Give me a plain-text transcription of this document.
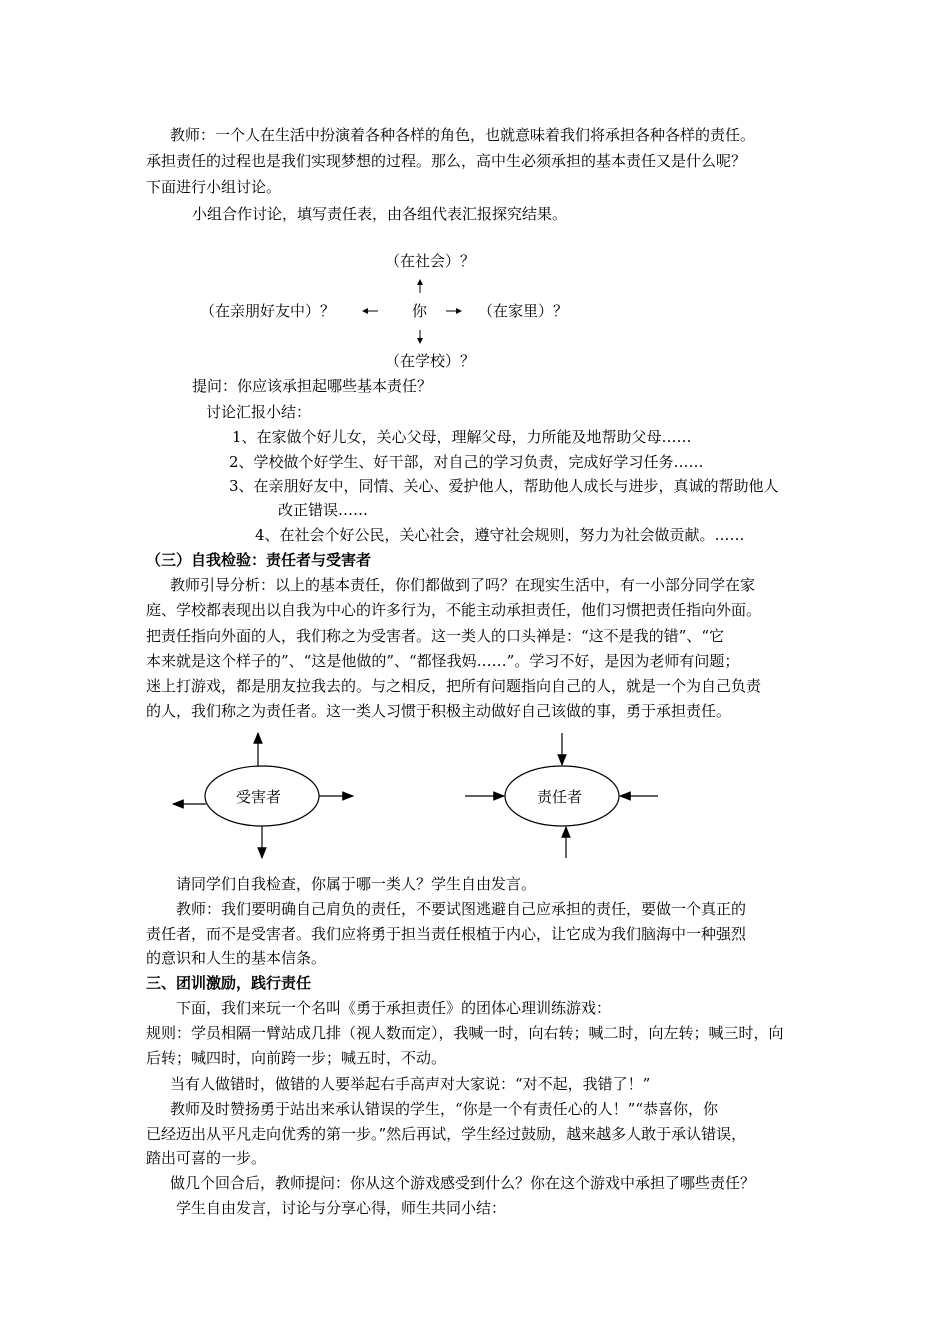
教师：一个人在生活中扮演着各种各样的角色，也就意味着我们将承担各种各样的责任。
承担责任的过程也是我们实现梦想的过程。那么，高中生必须承担的基本责任又是什么呢？
下面进行小组讨论。
小组合作讨论，填写责任表，由各组代表汇报探究结果。
（在社会）？
（在亲朋好友中）？	你	（在家里）？
（在学校）？
受害者	责任者
提问：你应该承担起哪些基本责任？
讨论汇报小结：
1、在家做个好儿女，关心父母，理解父母，力所能及地帮助父母……
2、学校做个好学生、好干部，对自己的学习负责，完成好学习任务……
3、在亲朋好友中，同情、关心、爱护他人，帮助他人成长与进步，真诚的帮助他人
改正错误……
4、在社会个好公民，关心社会，遵守社会规则，努力为社会做贡献。……
（三）自我检验：责任者与受害者
教师引导分析：以上的基本责任，你们都做到了吗？在现实生活中，有一小部分同学在家
庭、学校都表现出以自我为中心的许多行为，不能主动承担责任，他们习惯把责任指向外面。
把责任指向外面的人，我们称之为受害者。这一类人的口头禅是：“这不是我的错”、“它
本来就是这个样子的”、“这是他做的”、“都怪我妈……”。学习不好，是因为老师有问题；
迷上打游戏，都是朋友拉我去的。与之相反，把所有问题指向自己的人，就是一个为自己负责
的人，我们称之为责任者。这一类人习惯于积极主动做好自己该做的事，勇于承担责任。
请同学们自我检查，你属于哪一类人？学生自由发言。
教师：我们要明确自己肩负的责任，不要试图逃避自己应承担的责任，要做一个真正的
责任者，而不是受害者。我们应将勇于担当责任根植于内心，让它成为我们脑海中一种强烈
的意识和人生的基本信条。
三、团训激励，践行责任
下面，我们来玩一个名叫《勇于承担责任》的团体心理训练游戏：
规则：学员相隔一臂站成几排（视人数而定），我喊一时，向右转；喊二时，向左转；喊三时，向
后转；喊四时，向前跨一步；喊五时，不动。
当有人做错时，做错的人要举起右手高声对大家说：“对不起，我错了！”
教师及时赞扬勇于站出来承认错误的学生，“你是一个有责任心的人！”“恭喜你，你
已经迈出从平凡走向优秀的第一步。”然后再试，学生经过鼓励，越来越多人敢于承认错误，
踏出可喜的一步。
做几个回合后，教师提问：你从这个游戏感受到什么？你在这个游戏中承担了哪些责任？
学生自由发言，讨论与分享心得，师生共同小结：
